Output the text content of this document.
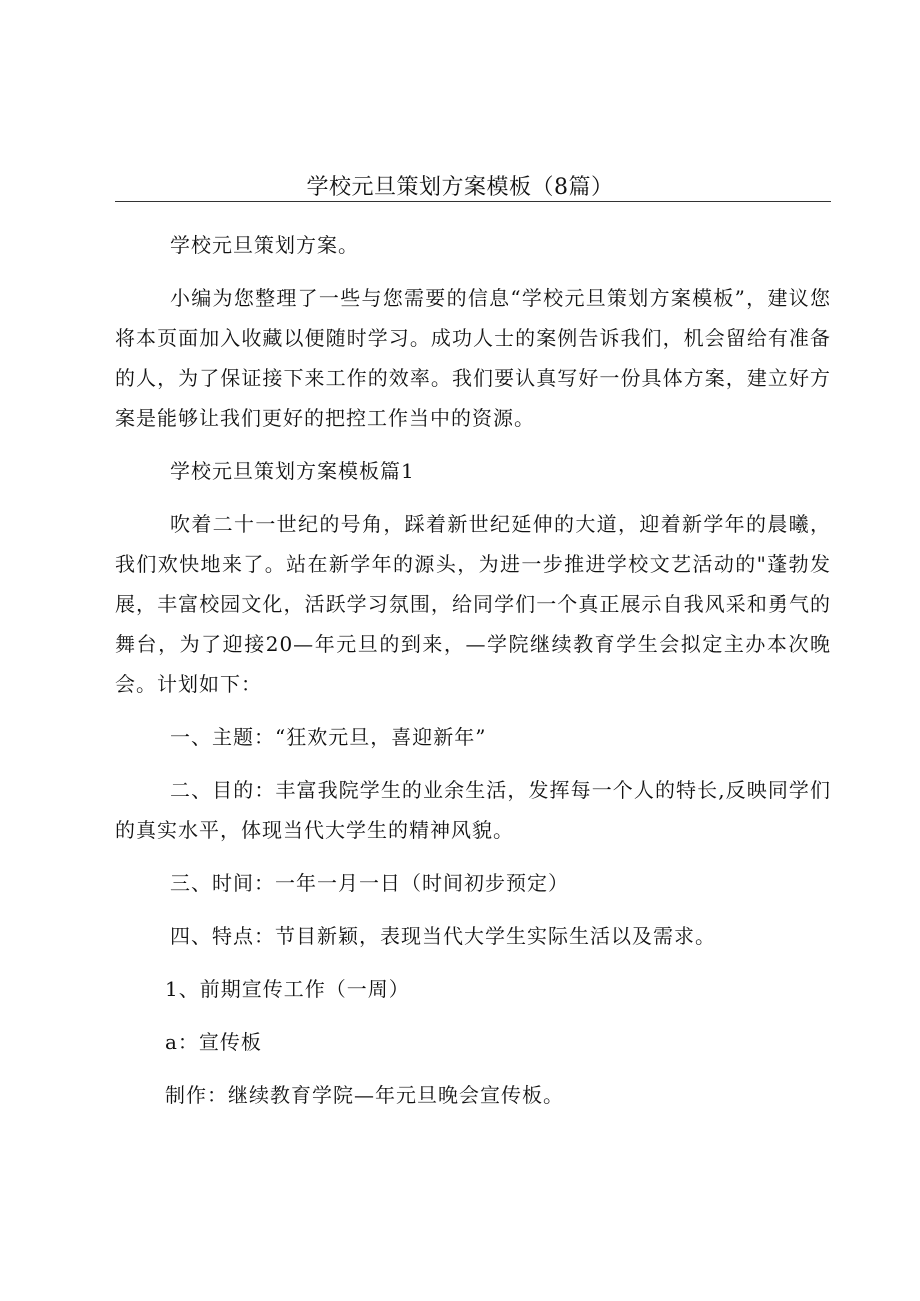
学校元旦策划方案模板（8篇）

学校元旦策划方案。

小编为您整理了一些与您需要的信息“学校元旦策划方案模板”，建议您将本页面加入收藏以便随时学习。成功人士的案例告诉我们，机会留给有准备的人，为了保证接下来工作的效率。我们要认真写好一份具体方案，建立好方案是能够让我们更好的把控工作当中的资源。

学校元旦策划方案模板篇1

吹着二十一世纪的号角，踩着新世纪延伸的大道，迎着新学年的晨曦，我们欢快地来了。站在新学年的源头，为进一步推进学校文艺活动的"蓬勃发展，丰富校园文化，活跃学习氛围，给同学们一个真正展示自我风采和勇气的舞台，为了迎接20—年元旦的到来，—学院继续教育学生会拟定主办本次晚会。计划如下：

一、主题：“狂欢元旦，喜迎新年”

二、目的：丰富我院学生的业余生活，发挥每一个人的特长,反映同学们的真实水平，体现当代大学生的精神风貌。

三、时间：一年一月一日（时间初步预定）

四、特点：节目新颖，表现当代大学生实际生活以及需求。

1、前期宣传工作（一周）

a：宣传板

制作：继续教育学院—年元旦晚会宣传板。
